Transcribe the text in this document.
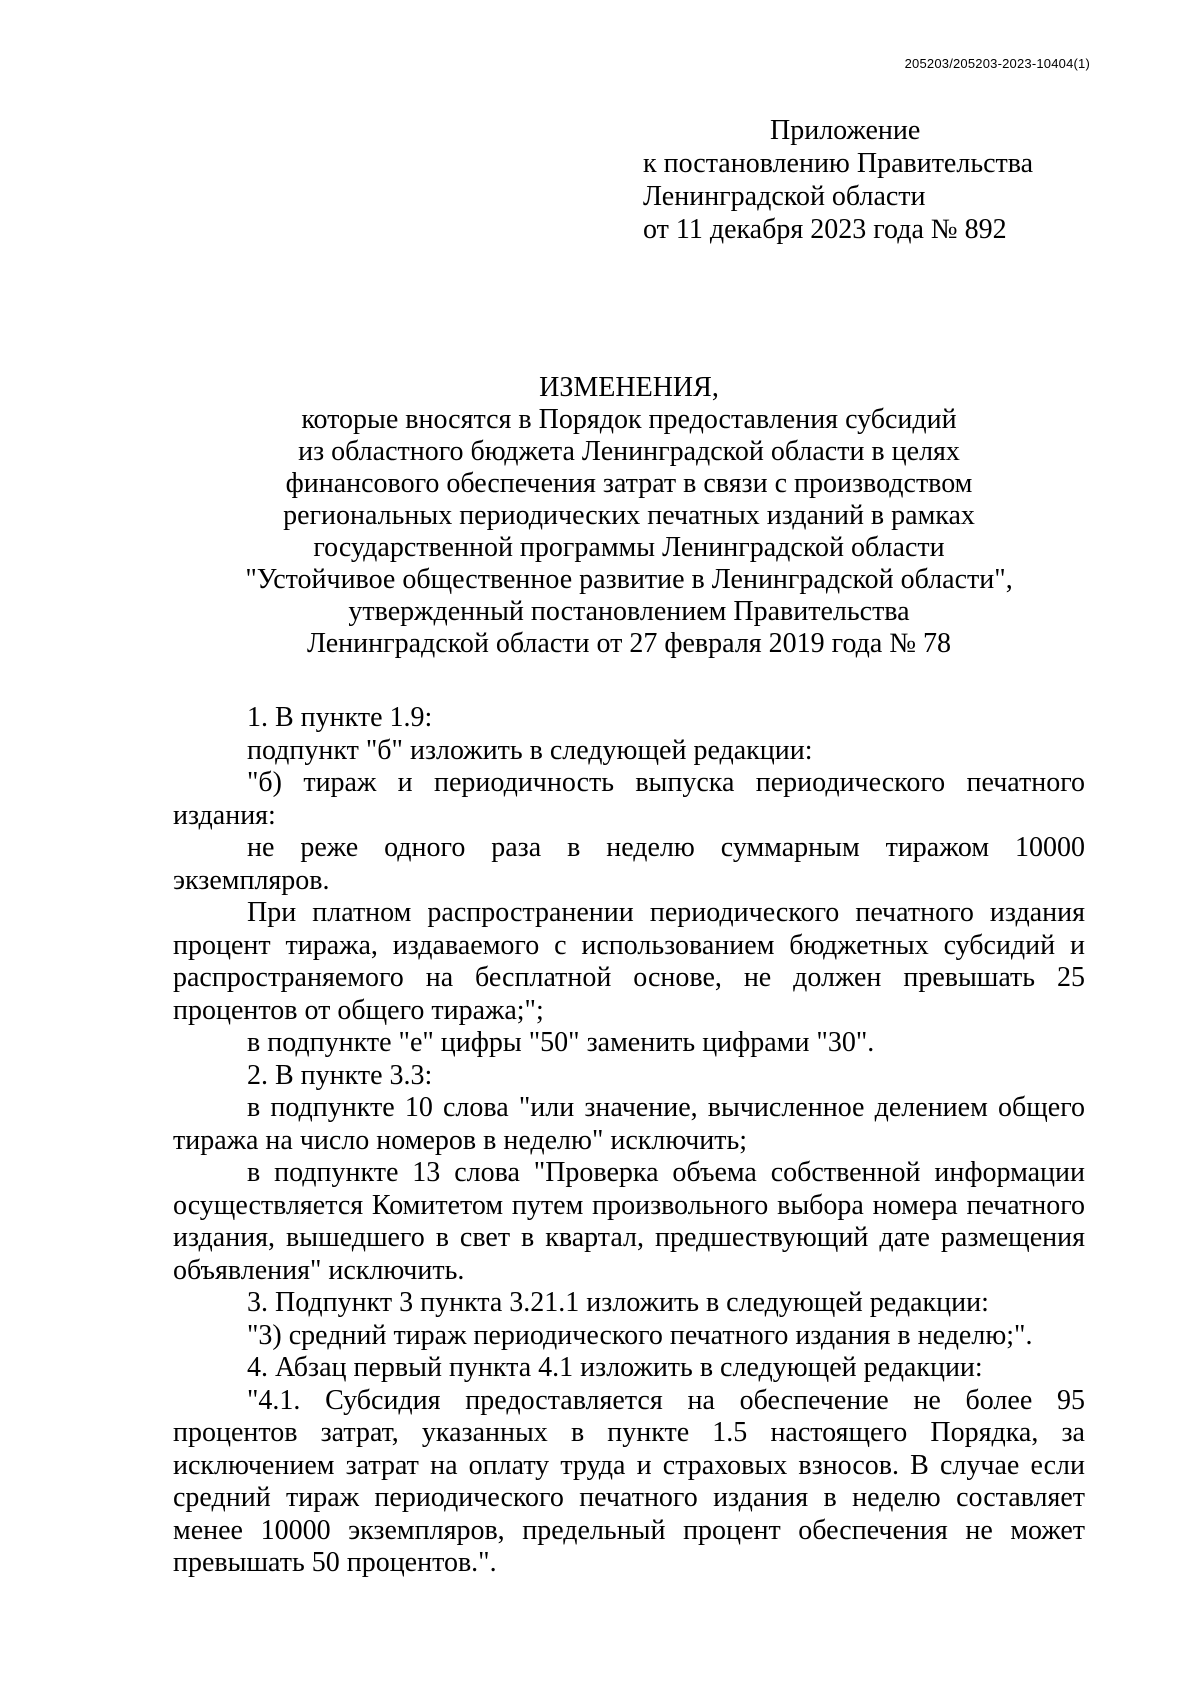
205203/205203-2023-10404(1)
Приложение
к постановлению Правительства
Ленинградской области
от 11 декабря 2023 года № 892
ИЗМЕНЕНИЯ,
которые вносятся в Порядок предоставления субсидий
из областного бюджета Ленинградской области в целях
финансового обеспечения затрат в связи с производством
региональных периодических печатных изданий в рамках
государственной программы Ленинградской области
"Устойчивое общественное развитие в Ленинградской области",
утвержденный постановлением Правительства
Ленинградской области от 27 февраля 2019 года № 78

1. В пункте 1.9:

подпункт "б" изложить в следующей редакции:

"б) тираж и периодичность выпуска периодического печатного издания:

не реже одного раза в неделю суммарным тиражом 10000 экземпляров.

При платном распространении периодического печатного издания процент тиража, издаваемого с использованием бюджетных субсидий и распространяемого на бесплатной основе, не должен превышать 25 процентов от общего тиража;";

в подпункте "е" цифры "50" заменить цифрами "30".

2. В пункте 3.3:

в подпункте 10 слова "или значение, вычисленное делением общего тиража на число номеров в неделю" исключить;

в подпункте 13 слова "Проверка объема собственной информации осуществляется Комитетом путем произвольного выбора номера печатного издания, вышедшего в свет в квартал, предшествующий дате размещения объявления" исключить.

3. Подпункт 3 пункта 3.21.1 изложить в следующей редакции:

"3) средний тираж периодического печатного издания в неделю;".

4. Абзац первый пункта 4.1 изложить в следующей редакции:

"4.1. Субсидия предоставляется на обеспечение не более 95 процентов затрат, указанных в пункте 1.5 настоящего Порядка, за исключением затрат на оплату труда и страховых взносов. В случае если средний тираж периодического печатного издания в неделю составляет менее 10000 экземпляров, предельный процент обеспечения не может превышать 50 процентов.".
